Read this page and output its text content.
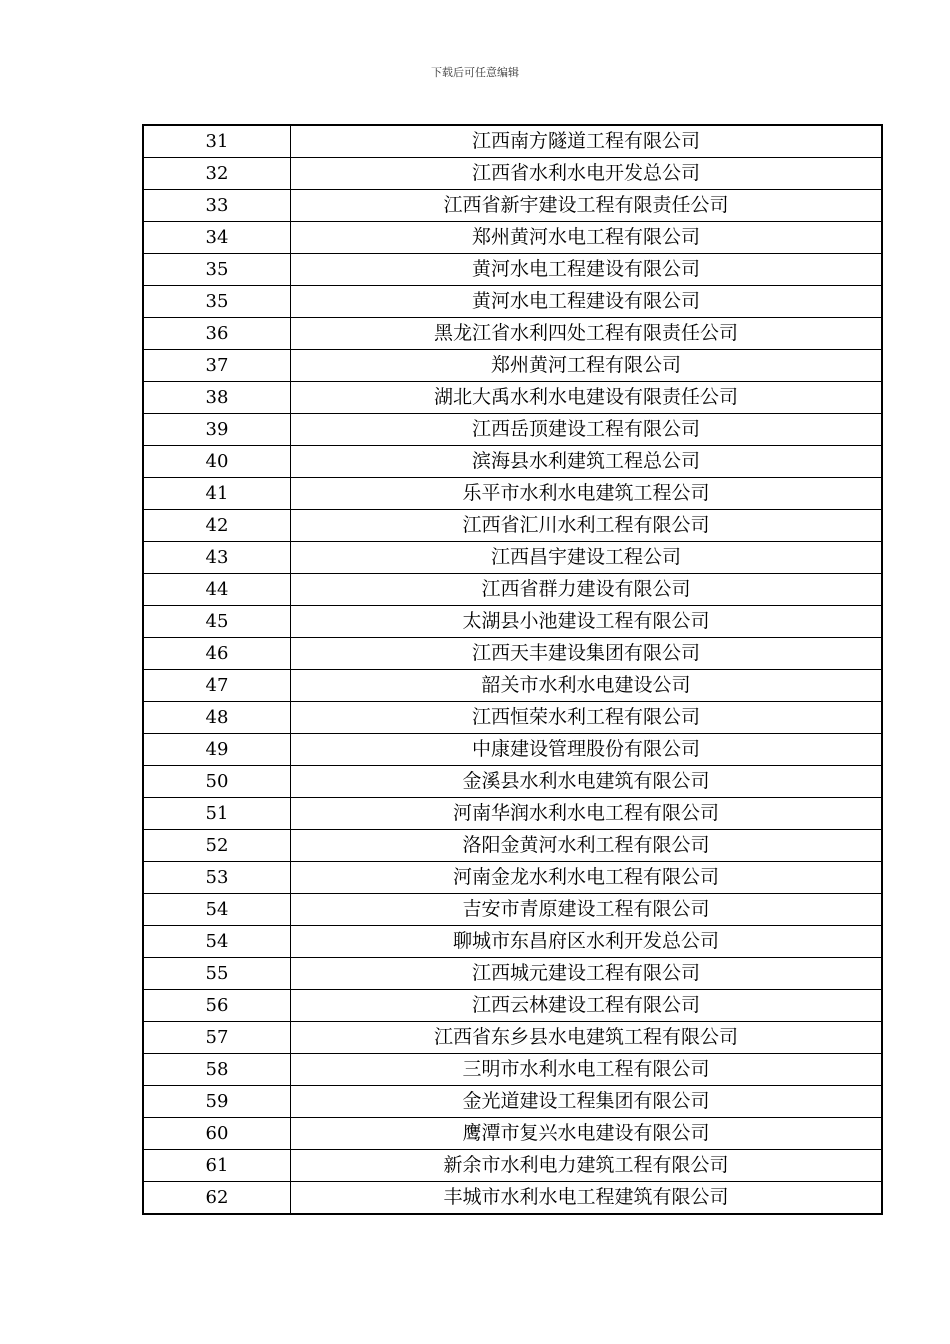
下载后可任意编辑
31	江西南方隧道工程有限公司
32	江西省水利水电开发总公司
33	江西省新宇建设工程有限责任公司
34	郑州黄河水电工程有限公司
35	黄河水电工程建设有限公司
35	黄河水电工程建设有限公司
36	黑龙江省水利四处工程有限责任公司
37	郑州黄河工程有限公司
38	湖北大禹水利水电建设有限责任公司
39	江西岳顶建设工程有限公司
40	滨海县水利建筑工程总公司
41	乐平市水利水电建筑工程公司
42	江西省汇川水利工程有限公司
43	江西昌宇建设工程公司
44	江西省群力建设有限公司
45	太湖县小池建设工程有限公司
46	江西天丰建设集团有限公司
47	韶关市水利水电建设公司
48	江西恒荣水利工程有限公司
49	中康建设管理股份有限公司
50	金溪县水利水电建筑有限公司
51	河南华润水利水电工程有限公司
52	洛阳金黄河水利工程有限公司
53	河南金龙水利水电工程有限公司
54	吉安市青原建设工程有限公司
54	聊城市东昌府区水利开发总公司
55	江西城元建设工程有限公司
56	江西云林建设工程有限公司
57	江西省东乡县水电建筑工程有限公司
58	三明市水利水电工程有限公司
59	金光道建设工程集团有限公司
60	鹰潭市复兴水电建设有限公司
61	新余市水利电力建筑工程有限公司
62	丰城市水利水电工程建筑有限公司
